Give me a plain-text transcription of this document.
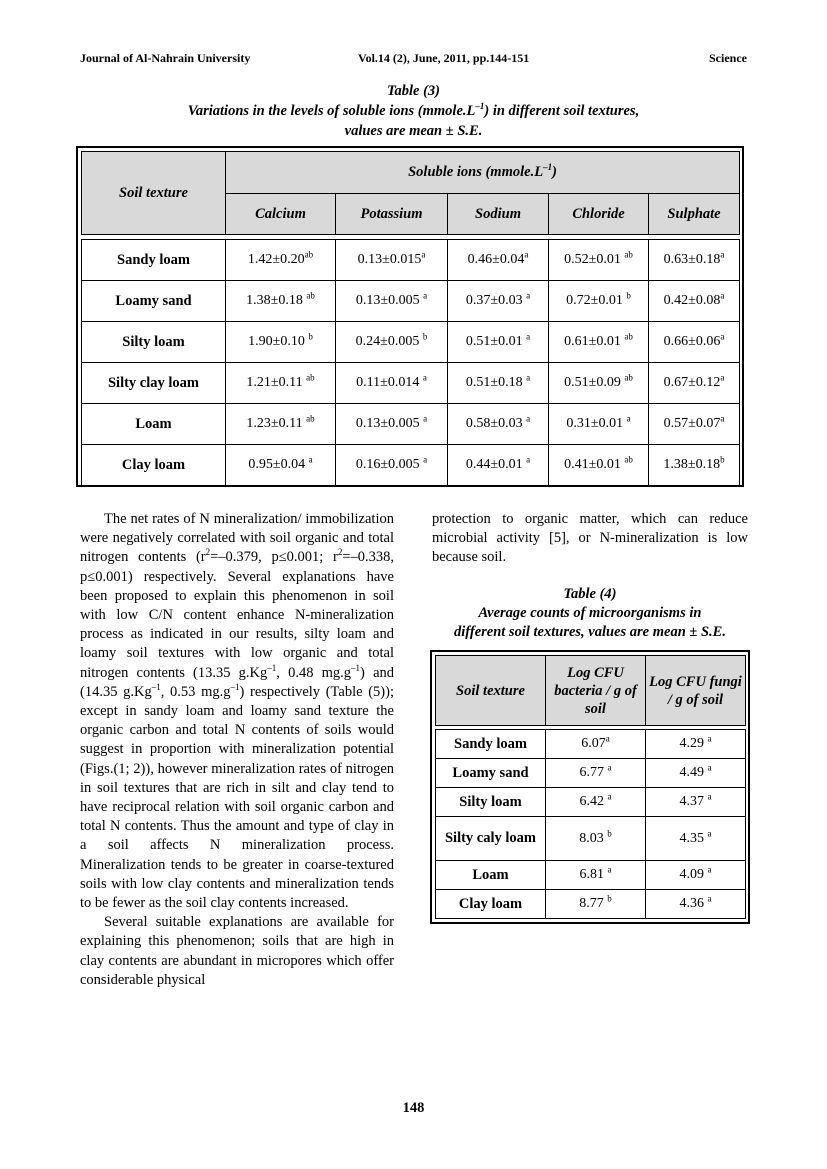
Journal of Al-Nahrain University	Vol.14 (2), June, 2011, pp.144-151	Science
Table (3)
Variations in the levels of soluble ions $(mmole.L^{-1})$ in different soil textures,
values are mean ± S.E.
Soil texture	Soluble ions $(mmole.L^{-1})$				
	Calcium	Potassium	Sodium	Chloride	Sulphate

Sandy loam	1.42±0.20$^{ab}$	0.13±0.015$^a$	0.46±0.04$^a$	0.52±0.01 $^{ab}$	0.63±0.18$^a$
Loamy sand	1.38±0.18 $^{ab}$	0.13±0.005 $^a$	0.37±0.03 $^a$	0.72±0.01 $^b$	0.42±0.08$^a$
Silty loam	1.90±0.10 $^b$	0.24±0.005 $^b$	0.51±0.01 $^a$	0.61±0.01 $^{ab}$	0.66±0.06$^a$
Silty clay loam	1.21±0.11 $^{ab}$	0.11±0.014 $^a$	0.51±0.18 $^a$	0.51±0.09 $^{ab}$	0.67±0.12$^a$
Loam	1.23±0.11 $^{ab}$	0.13±0.005 $^a$	0.58±0.03 $^a$	0.31±0.01 $^a$	0.57±0.07$^a$
Clay loam	0.95±0.04 $^a$	0.16±0.005 $^a$	0.44±0.01 $^a$	0.41±0.01 $^{ab}$	1.38±0.18$^b$

The net rates of N mineralization/ immobilization were negatively correlated with soil organic and total nitrogen contents ($r^2=-0.379$, p≤0.001; $r^2=-0.338$, p≤0.001) respectively. Several explanations have been proposed to explain this phenomenon in soil with low C/N content enhance N-mineralization process as indicated in our results, silty loam and loamy soil textures with low organic and total nitrogen contents (13.35 $g.Kg^{-1}$, 0.48 $mg.g^{-1}$) and (14.35 $g.Kg^{-1}$, 0.53 $mg.g^{-1}$) respectively (Table (5)); except in sandy loam and loamy sand texture the organic carbon and total N contents of soils would suggest in proportion with mineralization potential (Figs.(1; 2)), however mineralization rates of nitrogen in soil textures that are rich in silt and clay tend to have reciprocal relation with soil organic carbon and total N contents. Thus the amount and type of clay in a soil affects N mineralization process. Mineralization tends to be greater in coarse-textured soils with low clay contents and mineralization tends to be fewer as the soil clay contents increased.

Several suitable explanations are available for explaining this phenomenon; soils that are high in clay contents are abundant in micropores which offer considerable physical

protection to organic matter, which can reduce microbial activity [5], or N-mineralization is low because soil.

Table (4)
Average counts of microorganisms in
different soil textures, values are mean ± S.E.
Soil texture	Log CFU bacteria / g of soil	Log CFU fungi / g of soil

Sandy loam	6.07$^a$	4.29 $^a$
Loamy sand	6.77 $^a$	4.49 $^a$
Silty loam	6.42 $^a$	4.37 $^a$
Silty caly loam	8.03 $^b$	4.35 $^a$
Loam	6.81 $^a$	4.09 $^a$
Clay loam	8.77 $^b$	4.36 $^a$
148
